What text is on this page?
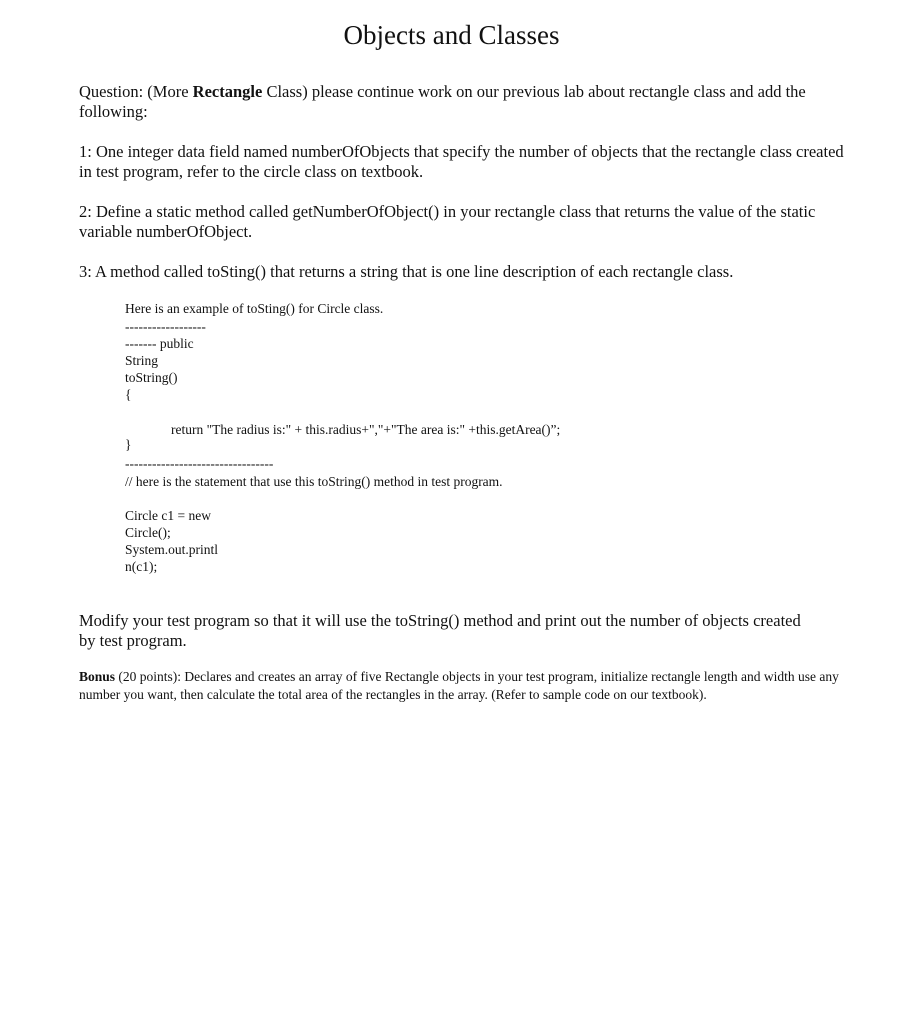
Objects and Classes
Question: (More Rectangle Class) please continue work on our previous lab about rectangle class and add the following:
1: One integer data field named numberOfObjects that specify the number of objects that the rectangle class created in test program, refer to the circle class on textbook.
2: Define a static method called getNumberOfObject() in your rectangle class that returns the value of the static variable numberOfObject.
3: A method called toSting() that returns a string that is one line description of each rectangle class.
Here is an example of toSting() for Circle class.
------------------
------- public
String
toString()
{
return "The radius is:" + this.radius+","+"The area is:" +this.getArea()”;
}
---------------------------------
// here is the statement that use this toString() method in test program.
Circle c1 = new
Circle();
System.out.printl
n(c1);
Modify your test program so that it will use the toString() method and print out the number of objects created by test program.
Bonus (20 points): Declares and creates an array of five Rectangle objects in your test program, initialize rectangle length and width use any number you want, then calculate the total area of the rectangles in the array. (Refer to sample code on our textbook).
